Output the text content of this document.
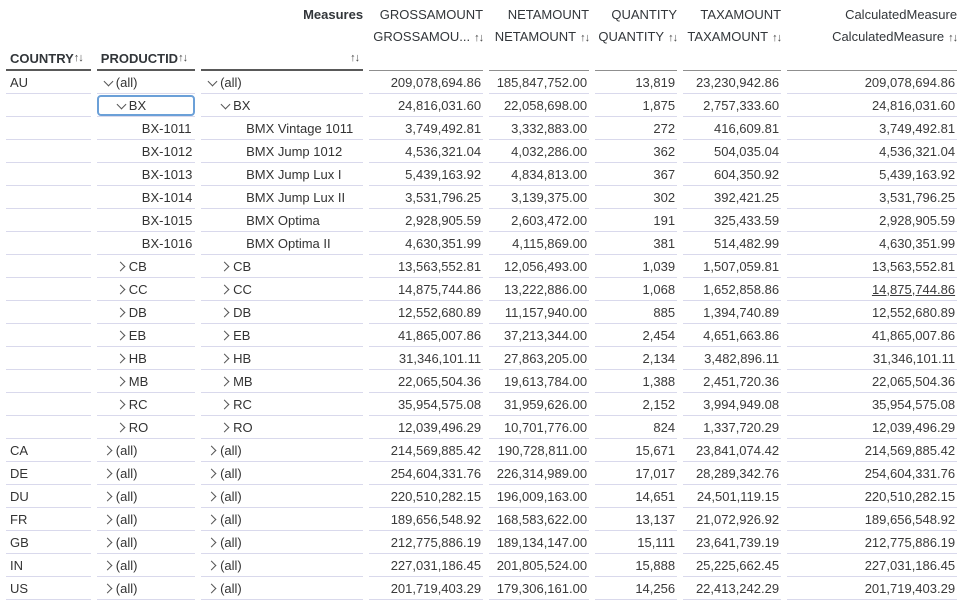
		Measures	GROSSAMOUNT	NETAMOUNT	QUANTITY	TAXAMOUNT	CalculatedMeasure
			GROSSAMOU... ↑↓	NETAMOUNT ↑↓	QUANTITY ↑↓	TAXAMOUNT ↑↓	CalculatedMeasure ↑↓

COUNTRY ↑↓	PRODUCTID ↑↓	↑↓					

AU	(all)	(all)	209,078,694.86	185,847,752.00	13,819	23,230,942.86	209,078,694.86

	BX	BX	24,816,031.60	22,058,698.00	1,875	2,757,333.60	24,816,031.60

	BX-1011	BMX Vintage 1011	3,749,492.81	3,332,883.00	272	416,609.81	3,749,492.81

	BX-1012	BMX Jump 1012	4,536,321.04	4,032,286.00	362	504,035.04	4,536,321.04

	BX-1013	BMX Jump Lux I	5,439,163.92	4,834,813.00	367	604,350.92	5,439,163.92

	BX-1014	BMX Jump Lux II	3,531,796.25	3,139,375.00	302	392,421.25	3,531,796.25

	BX-1015	BMX Optima	2,928,905.59	2,603,472.00	191	325,433.59	2,928,905.59

	BX-1016	BMX Optima II	4,630,351.99	4,115,869.00	381	514,482.99	4,630,351.99

	CB	CB	13,563,552.81	12,056,493.00	1,039	1,507,059.81	13,563,552.81

	CC	CC	14,875,744.86	13,222,886.00	1,068	1,652,858.86	14,875,744.86

	DB	DB	12,552,680.89	11,157,940.00	885	1,394,740.89	12,552,680.89

	EB	EB	41,865,007.86	37,213,344.00	2,454	4,651,663.86	41,865,007.86

	HB	HB	31,346,101.11	27,863,205.00	2,134	3,482,896.11	31,346,101.11

	MB	MB	22,065,504.36	19,613,784.00	1,388	2,451,720.36	22,065,504.36

	RC	RC	35,954,575.08	31,959,626.00	2,152	3,994,949.08	35,954,575.08

	RO	RO	12,039,496.29	10,701,776.00	824	1,337,720.29	12,039,496.29
CA	(all)	(all)	214,569,885.42	190,728,811.00	15,671	23,841,074.42	214,569,885.42
DE	(all)	(all)	254,604,331.76	226,314,989.00	17,017	28,289,342.76	254,604,331.76
DU	(all)	(all)	220,510,282.15	196,009,163.00	14,651	24,501,119.15	220,510,282.15
FR	(all)	(all)	189,656,548.92	168,583,622.00	13,137	21,072,926.92	189,656,548.92
GB	(all)	(all)	212,775,886.19	189,134,147.00	15,111	23,641,739.19	212,775,886.19
IN	(all)	(all)	227,031,186.45	201,805,524.00	15,888	25,225,662.45	227,031,186.45
US	(all)	(all)	201,719,403.29	179,306,161.00	14,256	22,413,242.29	201,719,403.29
